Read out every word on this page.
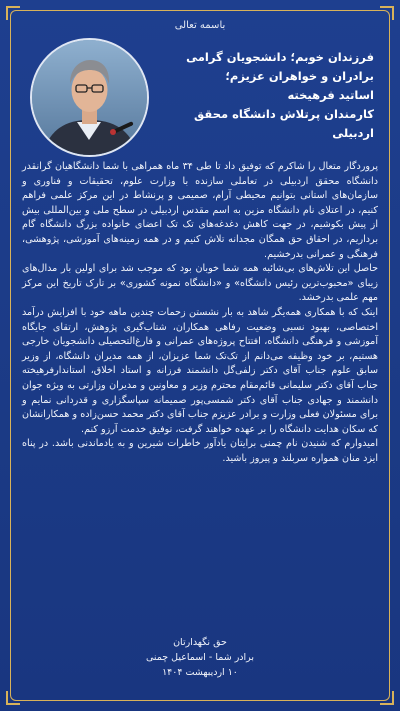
باسمه تعالی
فرزندان خوبم؛ دانشجویان گرامی
برادران و خواهران عزیزم؛
اساتید فرهیخته
کارمندان پرتلاش دانشگاه محقق اردبیلی

پروردگار متعال را شاکرم که توفیق داد تا طی ۳۴ ماه همراهی با شما دانشگاهیان گرانقدر دانشگاه محقق اردبیلی در تعاملی سازنده با وزارت علوم، تحقیقات و فناوری و سازمان‌های استانی بتوانیم محیطی آرام، صمیمی و پرنشاط در این مرکز علمی فراهم کنیم، در اعتلای نام دانشگاه مزین به اسم مقدس اردبیلی در سطح ملی و بین‌المللی بیش از پیش بکوشیم، در جهت کاهش دغدغه‌های تک تک اعضای خانواده بزرگ دانشگاه گام برداریم، در احقاق حق همگان مجدانه تلاش کنیم و در همه زمینه‌های آموزشی، پژوهشی، فرهنگی و عمرانی بدرخشیم.

حاصل این تلاش‌های بی‌شائبه همه شما خوبان بود که موجب شد برای اولین بار مدال‌های زیبای «محبوب‌ترین رئیس دانشگاه» و «دانشگاه نمونه کشوری» بر تارک تاریخ این مرکز مهم علمی بدرخشد.

اینک که با همکاری همه‌یگر شاهد به بار نشستن زحمات چندین ماهه خود با افزایش درآمد اختصاصی، بهبود نسبی وضعیت رفاهی همکاران، شتاب‌گیری پژوهش، ارتقای جایگاه آموزشی و فرهنگی دانشگاه، افتتاح پروژه‌های عمرانی و فارغ‌التحصیلی دانشجویان خارجی هستیم، بر خود وظیفه می‌دانم از تک‌تک شما عزیزان، از همه مدیران دانشگاه، از وزیر سابق علوم جناب آقای دکتر زلفی‌گل دانشمند فرزانه و استاد اخلاق، استاندارفرهیخته جناب آقای دکتر سلیمانی قائم‌مقام محترم وزیر و معاونین و مدیران وزارتی به ویژه جوان دانشمند و جهادی جناب آقای دکتر شمسی‌پور صمیمانه سپاسگزاری و قدردانی نمایم و برای مسئولان فعلی وزارت و برادر عزیزم جناب آقای دکتر محمد حسن‌زاده و همکارانشان که سکان هدایت دانشگاه را بر عهده خواهند گرفت، توفیق خدمت آرزو کنم.

امیدوارم که شنیدن نام چمنی برایتان یادآور خاطرات شیرین و به یادماندنی باشد. در پناه ایزد منان همواره سربلند و پیروز باشید.

حق نگهدارتان
برادر شما - اسماعیل چمنی
۱۰ اردیبهشت ۱۴۰۴
